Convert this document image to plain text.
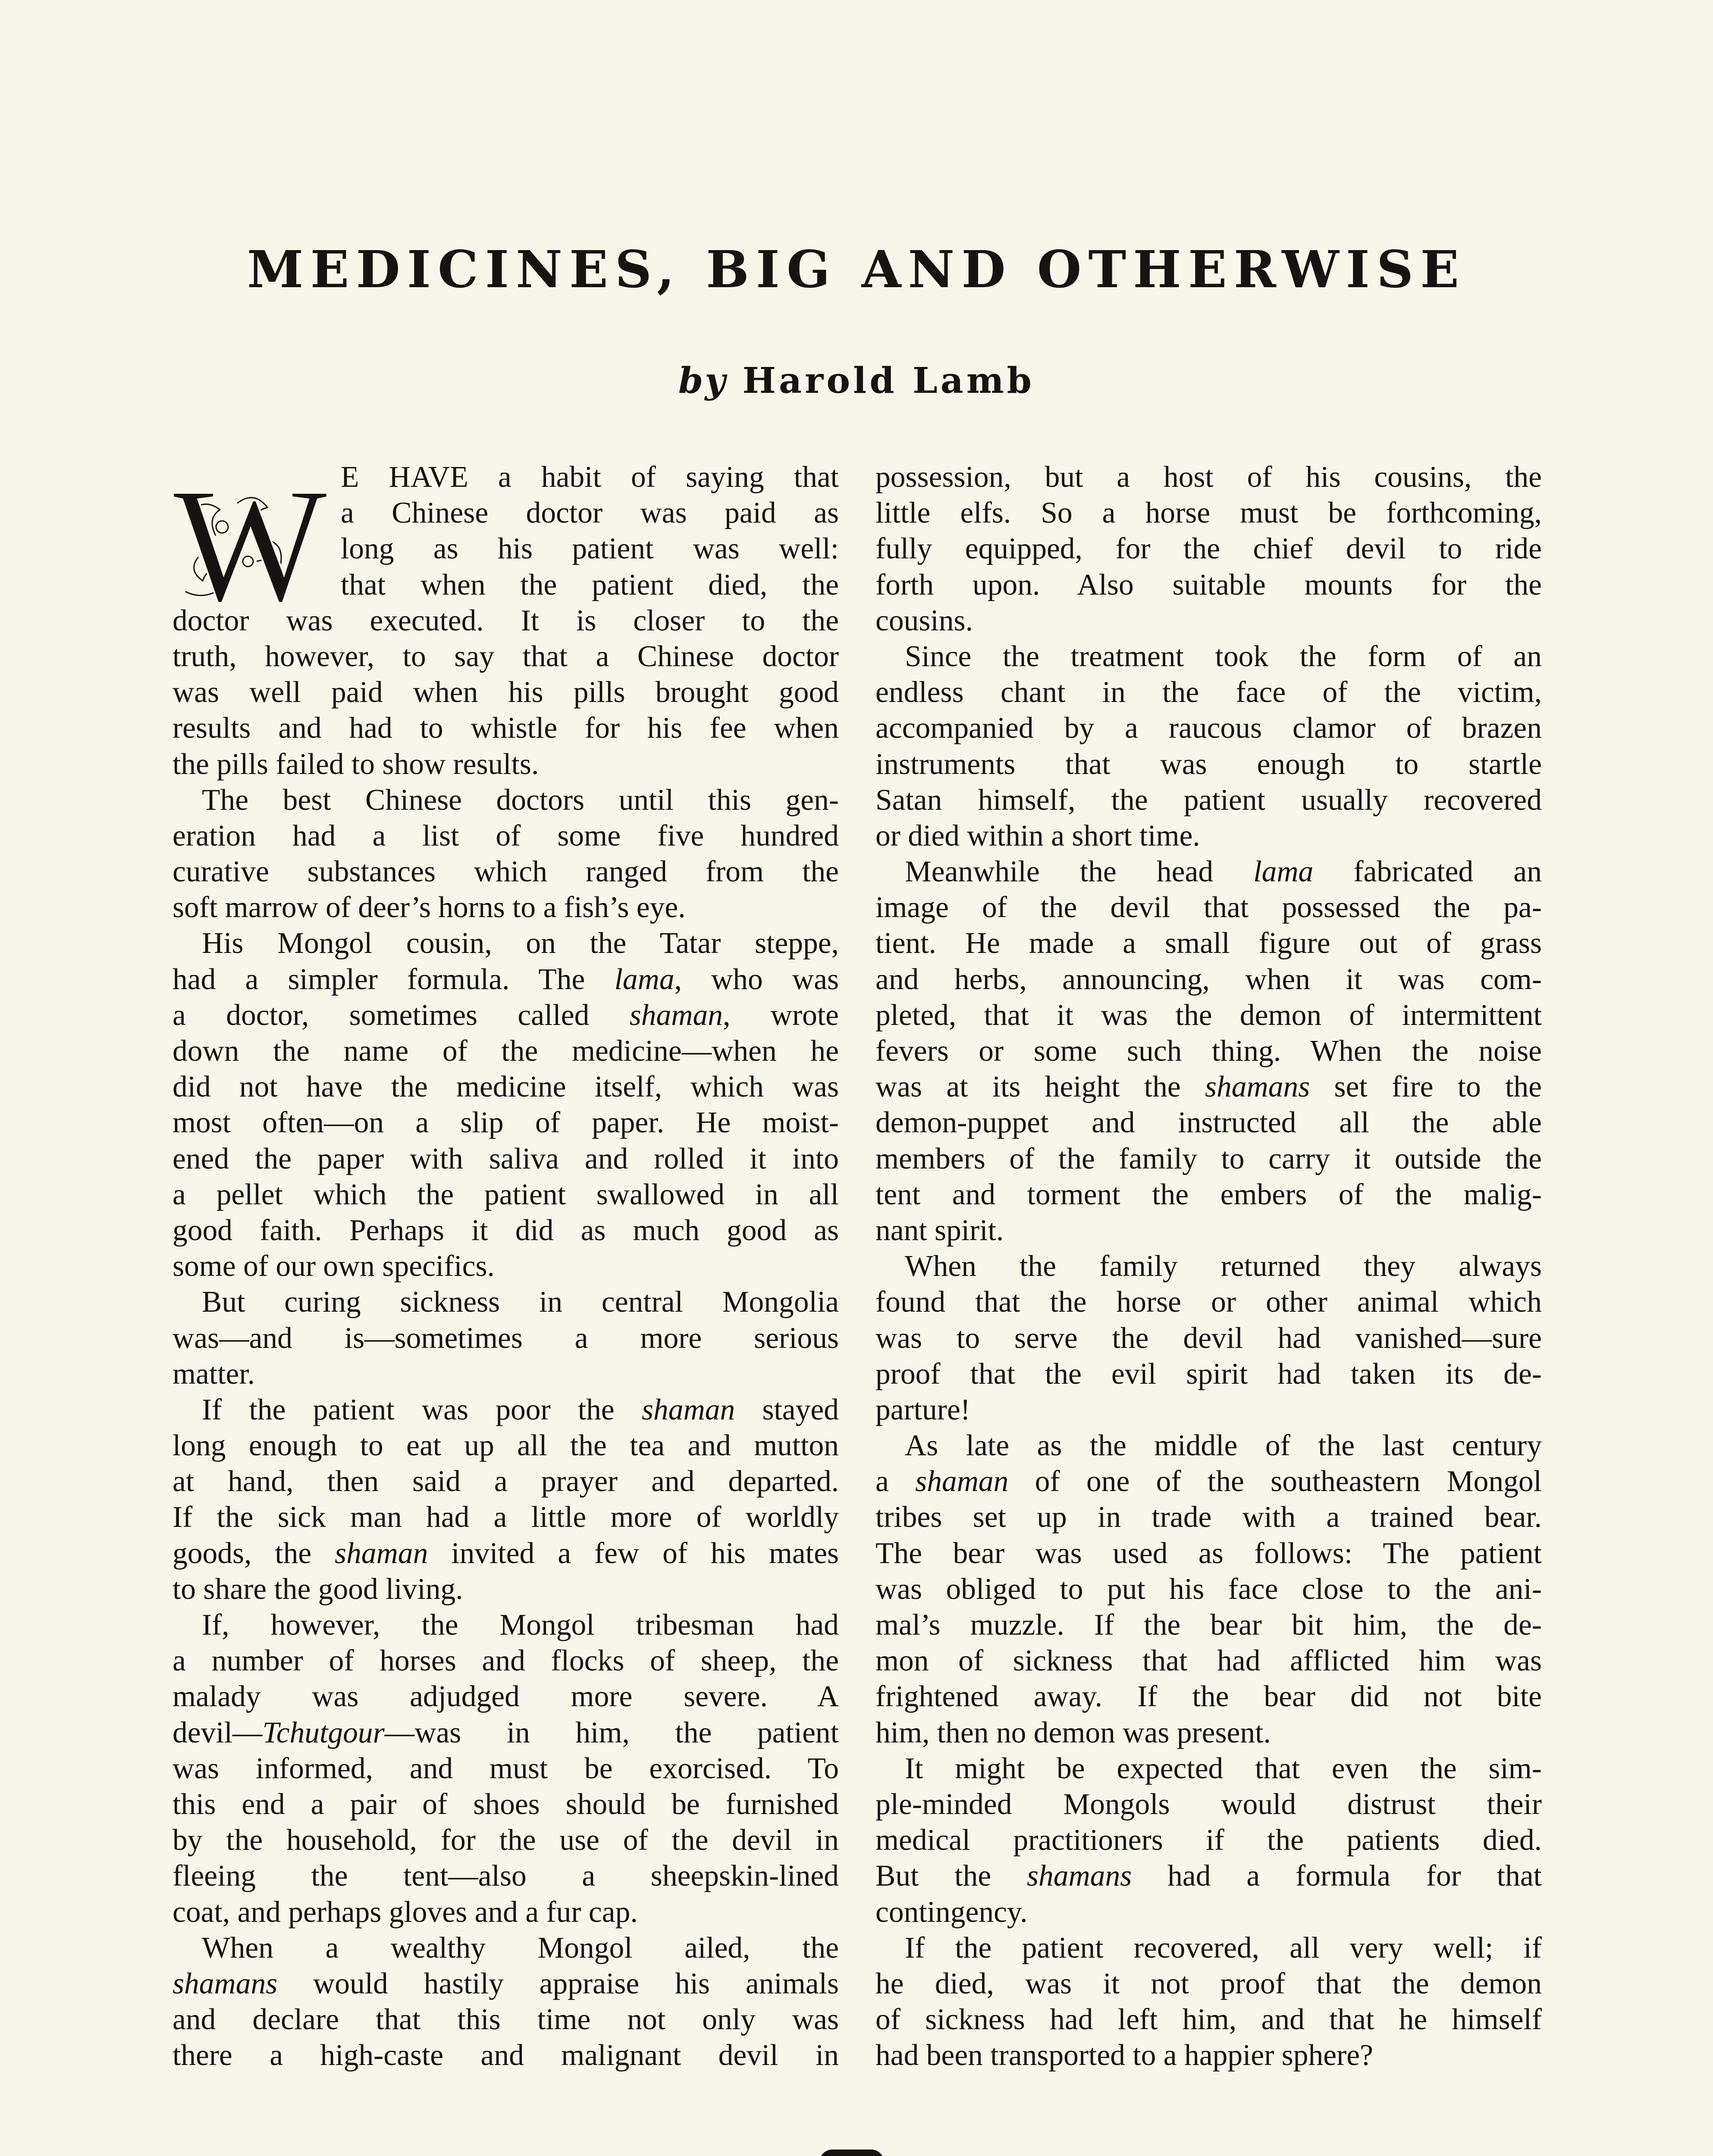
MEDICINES, BIG AND OTHERWISE
by Harold Lamb
W E HAVE a habit of saying that
a Chinese doctor was paid as
long as his patient was well:
that when the patient died, the
doctor was executed. It is closer to the
truth, however, to say that a Chinese doctor
was well paid when his pills brought good
results and had to whistle for his fee when
the pills failed to show results.
The best Chinese doctors until this gen-
eration had a list of some five hundred
curative substances which ranged from the
soft marrow of deer’s horns to a fish’s eye.
His Mongol cousin, on the Tatar steppe,
had a simpler formula. The lama, who was
a doctor, sometimes called shaman, wrote
down the name of the medicine—when he
did not have the medicine itself, which was
most often—on a slip of paper. He moist-
ened the paper with saliva and rolled it into
a pellet which the patient swallowed in all
good faith. Perhaps it did as much good as
some of our own specifics.
But curing sickness in central Mongolia
was—and is—sometimes a more serious
matter.
If the patient was poor the shaman stayed
long enough to eat up all the tea and mutton
at hand, then said a prayer and departed.
If the sick man had a little more of worldly
goods, the shaman invited a few of his mates
to share the good living.
If, however, the Mongol tribesman had
a number of horses and flocks of sheep, the
malady was adjudged more severe. A
devil—Tchutgour—was in him, the patient
was informed, and must be exorcised. To
this end a pair of shoes should be furnished
by the household, for the use of the devil in
fleeing the tent—also a sheepskin-lined
coat, and perhaps gloves and a fur cap.
When a wealthy Mongol ailed, the
shamans would hastily appraise his animals
and declare that this time not only was
there a high-caste and malignant devil in
possession, but a host of his cousins, the
little elfs. So a horse must be forthcoming,
fully equipped, for the chief devil to ride
forth upon. Also suitable mounts for the
cousins.
Since the treatment took the form of an
endless chant in the face of the victim,
accompanied by a raucous clamor of brazen
instruments that was enough to startle
Satan himself, the patient usually recovered
or died within a short time.
Meanwhile the head lama fabricated an
image of the devil that possessed the pa-
tient. He made a small figure out of grass
and herbs, announcing, when it was com-
pleted, that it was the demon of intermittent
fevers or some such thing. When the noise
was at its height the shamans set fire to the
demon-puppet and instructed all the able
members of the family to carry it outside the
tent and torment the embers of the malig-
nant spirit.
When the family returned they always
found that the horse or other animal which
was to serve the devil had vanished—sure
proof that the evil spirit had taken its de-
parture!
As late as the middle of the last century
a shaman of one of the southeastern Mongol
tribes set up in trade with a trained bear.
The bear was used as follows: The patient
was obliged to put his face close to the ani-
mal’s muzzle. If the bear bit him, the de-
mon of sickness that had afflicted him was
frightened away. If the bear did not bite
him, then no demon was present.
It might be expected that even the sim-
ple-minded Mongols would distrust their
medical practitioners if the patients died.
But the shamans had a formula for that
contingency.
If the patient recovered, all very well; if
he died, was it not proof that the demon
of sickness had left him, and that he himself
had been transported to a happier sphere?
